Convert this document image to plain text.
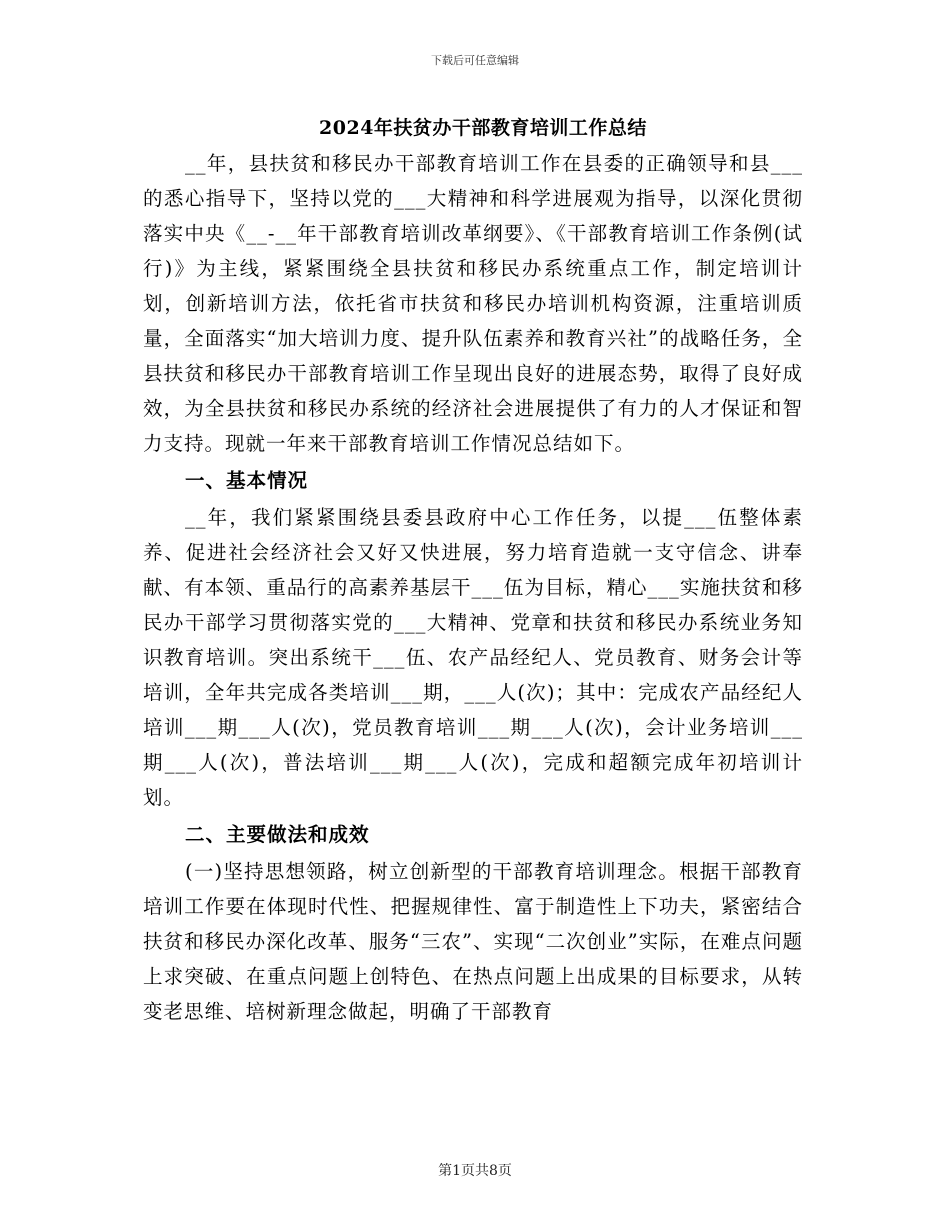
下载后可任意编辑
2024年扶贫办干部教育培训工作总结

__年，县扶贫和移民办干部教育培训工作在县委的正确领导和县___的悉心指导下，坚持以党的___大精神和科学进展观为指导，以深化贯彻落实中央《__-__年干部教育培训改革纲要》、《干部教育培训工作条例(试行)》为主线，紧紧围绕全县扶贫和移民办系统重点工作，制定培训计划，创新培训方法，依托省市扶贫和移民办培训机构资源，注重培训质量，全面落实“加大培训力度、提升队伍素养和教育兴社”的战略任务，全县扶贫和移民办干部教育培训工作呈现出良好的进展态势，取得了良好成效，为全县扶贫和移民办系统的经济社会进展提供了有力的人才保证和智力支持。现就一年来干部教育培训工作情况总结如下。

一、基本情况

__年，我们紧紧围绕县委县政府中心工作任务，以提___伍整体素养、促进社会经济社会又好又快进展，努力培育造就一支守信念、讲奉献、有本领、重品行的高素养基层干___伍为目标，精心___实施扶贫和移民办干部学习贯彻落实党的___大精神、党章和扶贫和移民办系统业务知识教育培训。突出系统干___伍、农产品经纪人、党员教育、财务会计等培训，全年共完成各类培训___期，___人(次)；其中：完成农产品经纪人培训___期___人(次)，党员教育培训___期___人(次)，会计业务培训___期___人(次)，普法培训___期___人(次)，完成和超额完成年初培训计划。

二、主要做法和成效

(一)坚持思想领路，树立创新型的干部教育培训理念。根据干部教育培训工作要在体现时代性、把握规律性、富于制造性上下功夫，紧密结合扶贫和移民办深化改革、服务“三农”、实现“二次创业”实际，在难点问题上求突破、在重点问题上创特色、在热点问题上出成果的目标要求，从转变老思维、培树新理念做起，明确了干部教育

第1页共8页
